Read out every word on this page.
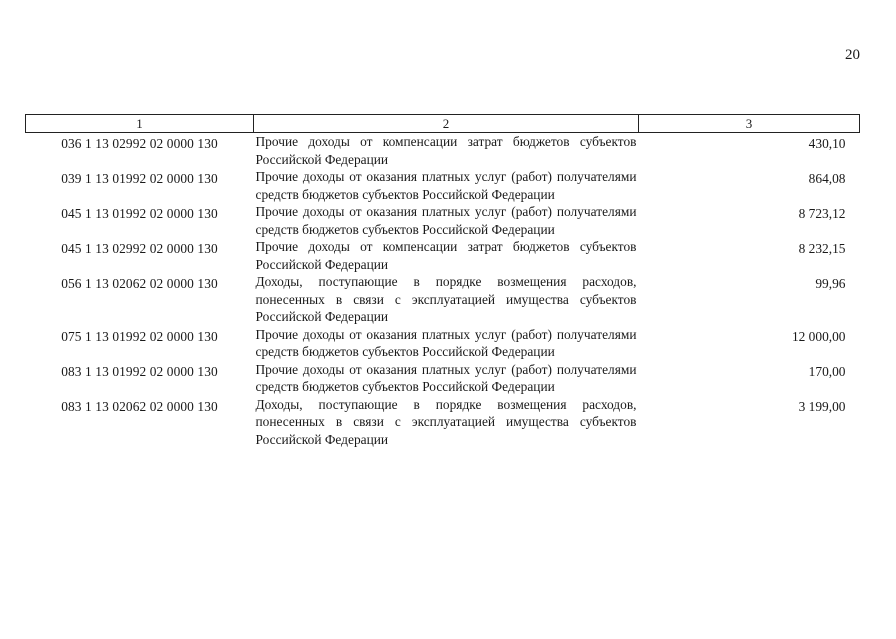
20
1	2	3
036 1 13 02992 02 0000 130	Прочие доходы от компенсации затрат бюджетов субъектов Российской Федерации	430,10
039 1 13 01992 02 0000 130	Прочие доходы от оказания платных услуг (работ) получателями средств бюджетов субъектов Российской Федерации	864,08
045 1 13 01992 02 0000 130	Прочие доходы от оказания платных услуг (работ) получателями средств бюджетов субъектов Российской Федерации	8 723,12
045 1 13 02992 02 0000 130	Прочие доходы от компенсации затрат бюджетов субъектов Российской Федерации	8 232,15
056 1 13 02062 02 0000 130	Доходы, поступающие в порядке возмещения расходов, понесенных в связи с эксплуатацией имущества субъектов Российской Федерации	99,96
075 1 13 01992 02 0000 130	Прочие доходы от оказания платных услуг (работ) получателями средств бюджетов субъектов Российской Федерации	12 000,00
083 1 13 01992 02 0000 130	Прочие доходы от оказания платных услуг (работ) получателями средств бюджетов субъектов Российской Федерации	170,00
083 1 13 02062 02 0000 130	Доходы, поступающие в порядке возмещения расходов, понесенных в связи с эксплуатацией имущества субъектов Российской Федерации	3 199,00
